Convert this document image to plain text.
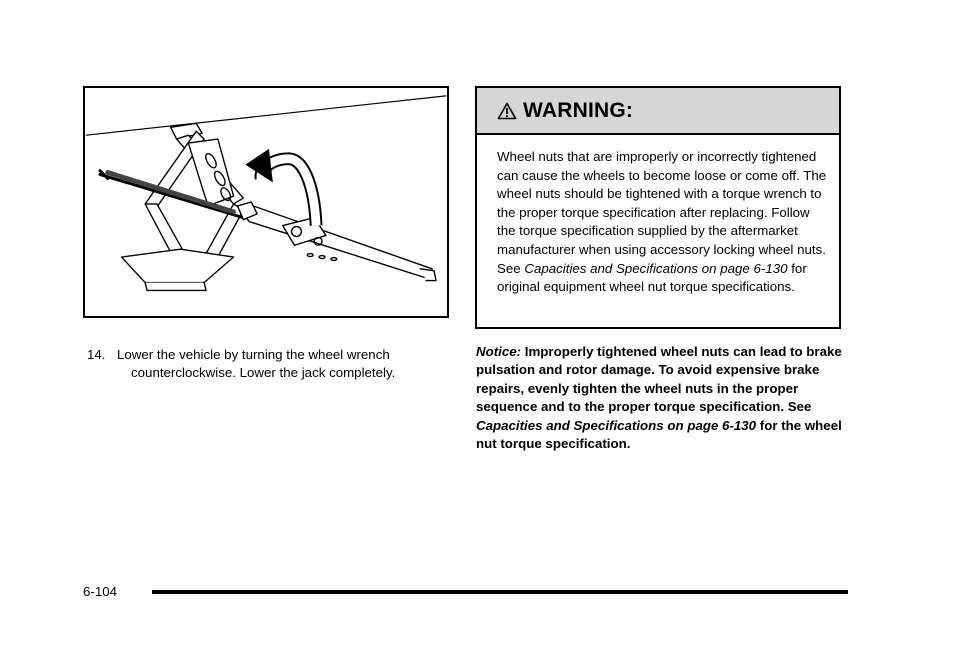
14. Lower the vehicle by turning the wheel wrench
counterclockwise. Lower the jack completely.
WARNING:
Wheel nuts that are improperly or incorrectly tightened can cause the wheels to become loose or come off. The wheel nuts should be tightened with a torque wrench to the proper torque specification after replacing. Follow the torque specification supplied by the aftermarket manufacturer when using accessory locking wheel nuts. See Capacities and Specifications on page 6-130 for original equipment wheel nut torque specifications.
Notice: Improperly tightened wheel nuts can lead to brake pulsation and rotor damage. To avoid expensive brake repairs, evenly tighten the wheel nuts in the proper sequence and to the proper torque specification. See Capacities and Specifications on page 6-130 for the wheel nut torque specification.
6-104
